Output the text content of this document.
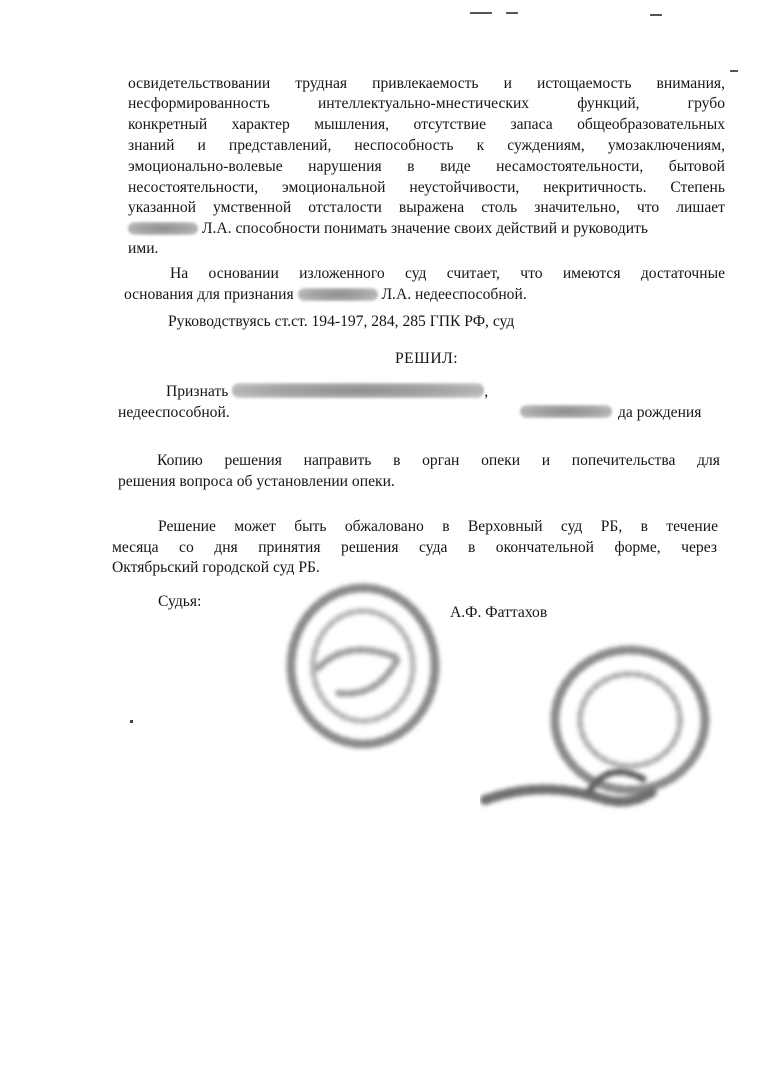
освидетельствовании трудная привлекаемость и истощаемость внимания,
несформированность интеллектуально-мнестических функций, грубо
конкретный характер мышления, отсутствие запаса общеобразовательных
знаний и представлений, неспособность к суждениям, умозаключениям,
эмоционально-волевые нарушения в виде несамостоятельности, бытовой
несостоятельности, эмоциональной неустойчивости, некритичность. Степень
указанной умственной отсталости выражена столь значительно, что лишает
Л.А. способности понимать значение своих действий и руководить
ими.
На основании изложенного суд считает, что имеются достаточные
основания для признания	Л.А. недееспособной.
Руководствуясь ст.ст. 194-197, 284, 285 ГПК РФ, суд
РЕШИЛ:
Признать	,
недееспособной.	да рождения
Копию решения направить в орган опеки и попечительства для
решения вопроса об установлении опеки.
Решение может быть обжаловано в Верховный суд РБ, в течение
месяца со дня принятия решения суда в окончательной форме, через
Октябрьский городской суд РБ.
Судья:
А.Ф. Фаттахов
